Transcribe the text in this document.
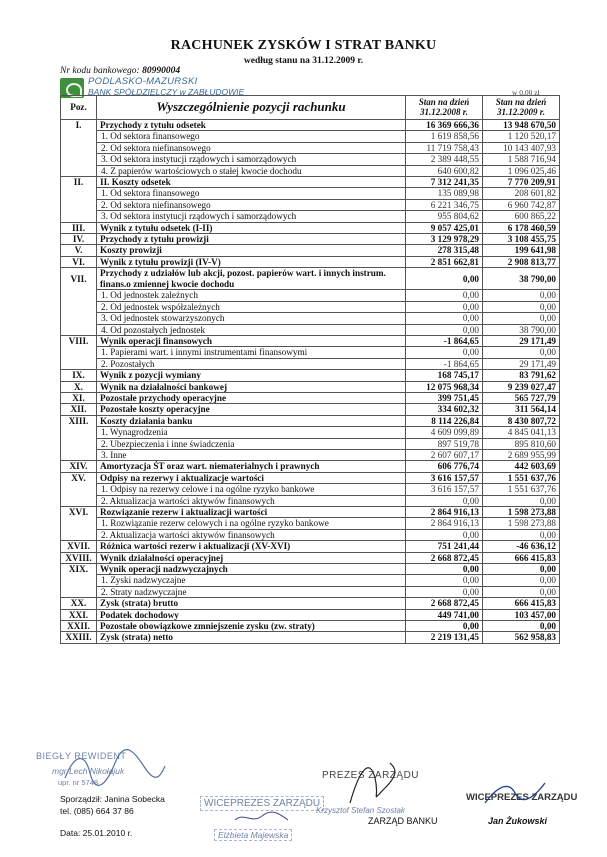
RACHUNEK ZYSKÓW I STRAT BANKU
według stanu na 31.12.2009 r.
Nr kodu bankowego: 80990004
PODLASKO-MAZURSKI
BANK SPÓŁDZIELCZY w ZABŁUDOWIE	w 0,00 zł
Poz.	Wyszczególnienie pozycji rachunku	Stan na dzień 31.12.2008 r.	Stan na dzień 31.12.2009 r.
I.	Przychody z tytułu odsetek	16 369 666,36	13 948 670,50
	1. Od sektora finansowego	1 619 858,56	1 120 520,17
	2. Od sektora niefinansowego	11 719 758,43	10 143 407,93
	3. Od sektora instytucji rządowych i samorządowych	2 389 448,55	1 588 716,94
	4. Z papierów wartościowych o stałej kwocie dochodu	640 600,82	1 096 025,46
II.	II. Koszty odsetek	7 312 241,35	7 770 209,91
	1. Od sektora finansowego	135 089,98	208 601,82
	2. Od sektora niefinansowego	6 221 346,75	6 960 742,87
	3. Od sektora instytucji rządowych i samorządowych	955 804,62	600 865,22
III.	Wynik z tytułu odsetek (I-II)	9 057 425,01	6 178 460,59
IV.	Przychody z tytułu prowizji	3 129 978,29	3 108 455,75
V.	Koszty prowizji	278 315,48	199 641,98
VI.	Wynik z tytułu prowizji (IV-V)	2 851 662,81	2 908 813,77
VII.	Przychody z udziałów lub akcji, pozost. papierów wart. i innych instrum. finans.o zmiennej kwocie dochodu	0,00	38 790,00
	1. Od jednostek zależnych	0,00	0,00
	2. Od jednostek współzależnych	0,00	0,00
	3. Od jednostek stowarzyszonych	0,00	0,00
	4. Od pozostałych jednostek	0,00	38 790,00
VIII.	Wynik operacji finansowych	-1 864,65	29 171,49
	1. Papierami wart. i innymi instrumentami finansowymi	0,00	0,00
	2. Pozostałych	-1 864,65	29 171,49
IX.	Wynik z pozycji wymiany	168 745,17	83 791,62
X.	Wynik na działalności bankowej	12 075 968,34	9 239 027,47
XI.	Pozostałe przychody operacyjne	399 751,45	565 727,79
XII.	Pozostałe koszty operacyjne	334 602,32	311 564,14
XIII.	Koszty działania banku	8 114 226,84	8 430 807,72
	1. Wynagrodzenia	4 609 099,89	4 845 041,13
	2. Ubezpieczenia i inne świadczenia	897 519,78	895 810,60
	3. Inne	2 607 607,17	2 689 955,99
XIV.	Amortyzacja ŚT oraz wart. niematerialnych i prawnych	606 776,74	442 603,69
XV.	Odpisy na rezerwy i aktualizacje wartości	3 616 157,57	1 551 637,76
	1. Odpisy na rezerwy celowe i na ogólne ryzyko bankowe	3 616 157,57	1 551 637,76
	2. Aktualizacja wartości aktywów finansowych	0,00	0,00
XVI.	Rozwiązanie rezerw i aktualizacji wartości	2 864 916,13	1 598 273,88
	1. Rozwiązanie rezerw celowych i na ogólne ryzyko bankowe	2 864 916,13	1 598 273,88
	2. Aktualizacja wartości aktywów finansowych	0,00	0,00
XVII.	Różnica wartości rezerw i aktualizacji (XV-XVI)	751 241,44	-46 636,12
XVIII.	Wynik działalności operacyjnej	2 668 872,45	666 415,83
XIX.	Wynik operacji nadzwyczajnych	0,00	0,00
	1. Zyski nadzwyczajne	0,00	0,00
	2. Straty nadzwyczajne	0,00	0,00
XX.	Zysk (strata) brutto	2 668 872,45	666 415,83
XXI.	Podatek dochodowy	449 741,00	103 457,00
XXII.	Pozostałe obowiązkowe zmniejszenie zysku (zw. straty)	0,00	0,00
XXIII.	Zysk (strata) netto	2 219 131,45	562 958,83
BIEGŁY REWIDENT
mgr Lech Nikołajuk
upr. nr 5748
Sporządził: Janina Sobecka
tel. (085) 664 37 86
Data: 25.01.2010 r.
WICEPREZES ZARZĄDU
Elżbieta Majewska
PREZES ZARZĄDU
Krzysztof Stefan Szostak
ZARZĄD BANKU
WICEPREZES ZARZĄDU
Jan Żukowski
